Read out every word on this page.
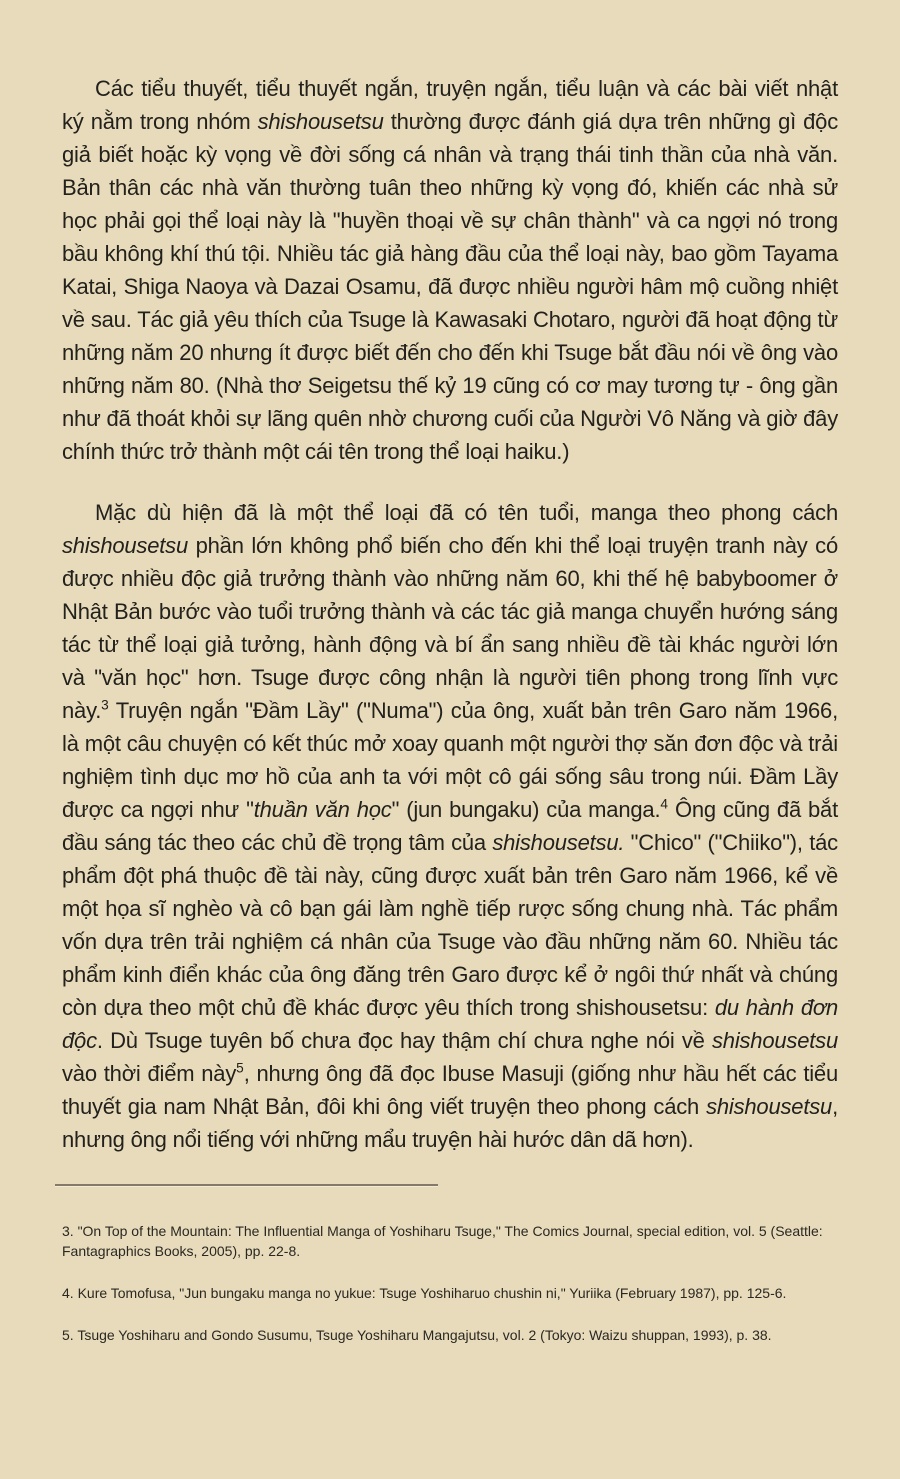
Các tiểu thuyết, tiểu thuyết ngắn, truyện ngắn, tiểu luận và các bài viết nhật ký nằm trong nhóm shishousetsu thường được đánh giá dựa trên những gì độc giả biết hoặc kỳ vọng về đời sống cá nhân và trạng thái tinh thần của nhà văn. Bản thân các nhà văn thường tuân theo những kỳ vọng đó, khiến các nhà sử học phải gọi thể loại này là "huyền thoại về sự chân thành" và ca ngợi nó trong bầu không khí thú tội. Nhiều tác giả hàng đầu của thể loại này, bao gồm Tayama Katai, Shiga Naoya và Dazai Osamu, đã được nhiều người hâm mộ cuồng nhiệt về sau. Tác giả yêu thích của Tsuge là Kawasaki Chotaro, người đã hoạt động từ những năm 20 nhưng ít được biết đến cho đến khi Tsuge bắt đầu nói về ông vào những năm 80. (Nhà thơ Seigetsu thế kỷ 19 cũng có cơ may tương tự - ông gần như đã thoát khỏi sự lãng quên nhờ chương cuối của Người Vô Năng và giờ đây chính thức trở thành một cái tên trong thể loại haiku.)

Mặc dù hiện đã là một thể loại đã có tên tuổi, manga theo phong cách shishousetsu phần lớn không phổ biến cho đến khi thể loại truyện tranh này có được nhiều độc giả trưởng thành vào những năm 60, khi thế hệ babyboomer ở Nhật Bản bước vào tuổi trưởng thành và các tác giả manga chuyển hướng sáng tác từ thể loại giả tưởng, hành động và bí ẩn sang nhiều đề tài khác người lớn và "văn học" hơn. Tsuge được công nhận là người tiên phong trong lĩnh vực này.$^3$ Truyện ngắn "Đầm Lầy" ("Numa") của ông, xuất bản trên Garo năm 1966, là một câu chuyện có kết thúc mở xoay quanh một người thợ săn đơn độc và trải nghiệm tình dục mơ hồ của anh ta với một cô gái sống sâu trong núi. Đầm Lầy được ca ngợi như "thuần văn học" (jun bungaku) của manga.$^4$ Ông cũng đã bắt đầu sáng tác theo các chủ đề trọng tâm của shishousetsu. "Chico" ("Chiiko"), tác phẩm đột phá thuộc đề tài này, cũng được xuất bản trên Garo năm 1966, kể về một họa sĩ nghèo và cô bạn gái làm nghề tiếp rược sống chung nhà. Tác phẩm vốn dựa trên trải nghiệm cá nhân của Tsuge vào đầu những năm 60. Nhiều tác phẩm kinh điển khác của ông đăng trên Garo được kể ở ngôi thứ nhất và chúng còn dựa theo một chủ đề khác được yêu thích trong shishousetsu: du hành đơn độc. Dù Tsuge tuyên bố chưa đọc hay thậm chí chưa nghe nói về shishousetsu vào thời điểm này$^5$, nhưng ông đã đọc Ibuse Masuji (giống như hầu hết các tiểu thuyết gia nam Nhật Bản, đôi khi ông viết truyện theo phong cách shishousetsu, nhưng ông nổi tiếng với những mẩu truyện hài hước dân dã hơn).

3. "On Top of the Mountain: The Influential Manga of Yoshiharu Tsuge," The Comics Journal, special edition, vol. 5 (Seattle: Fantagraphics Books, 2005), pp. 22-8.

4. Kure Tomofusa, "Jun bungaku manga no yukue: Tsuge Yoshiharuo chushin ni," Yuriika (February 1987), pp. 125-6.

5. Tsuge Yoshiharu and Gondo Susumu, Tsuge Yoshiharu Mangajutsu, vol. 2 (Tokyo: Waizu shuppan, 1993), p. 38.
